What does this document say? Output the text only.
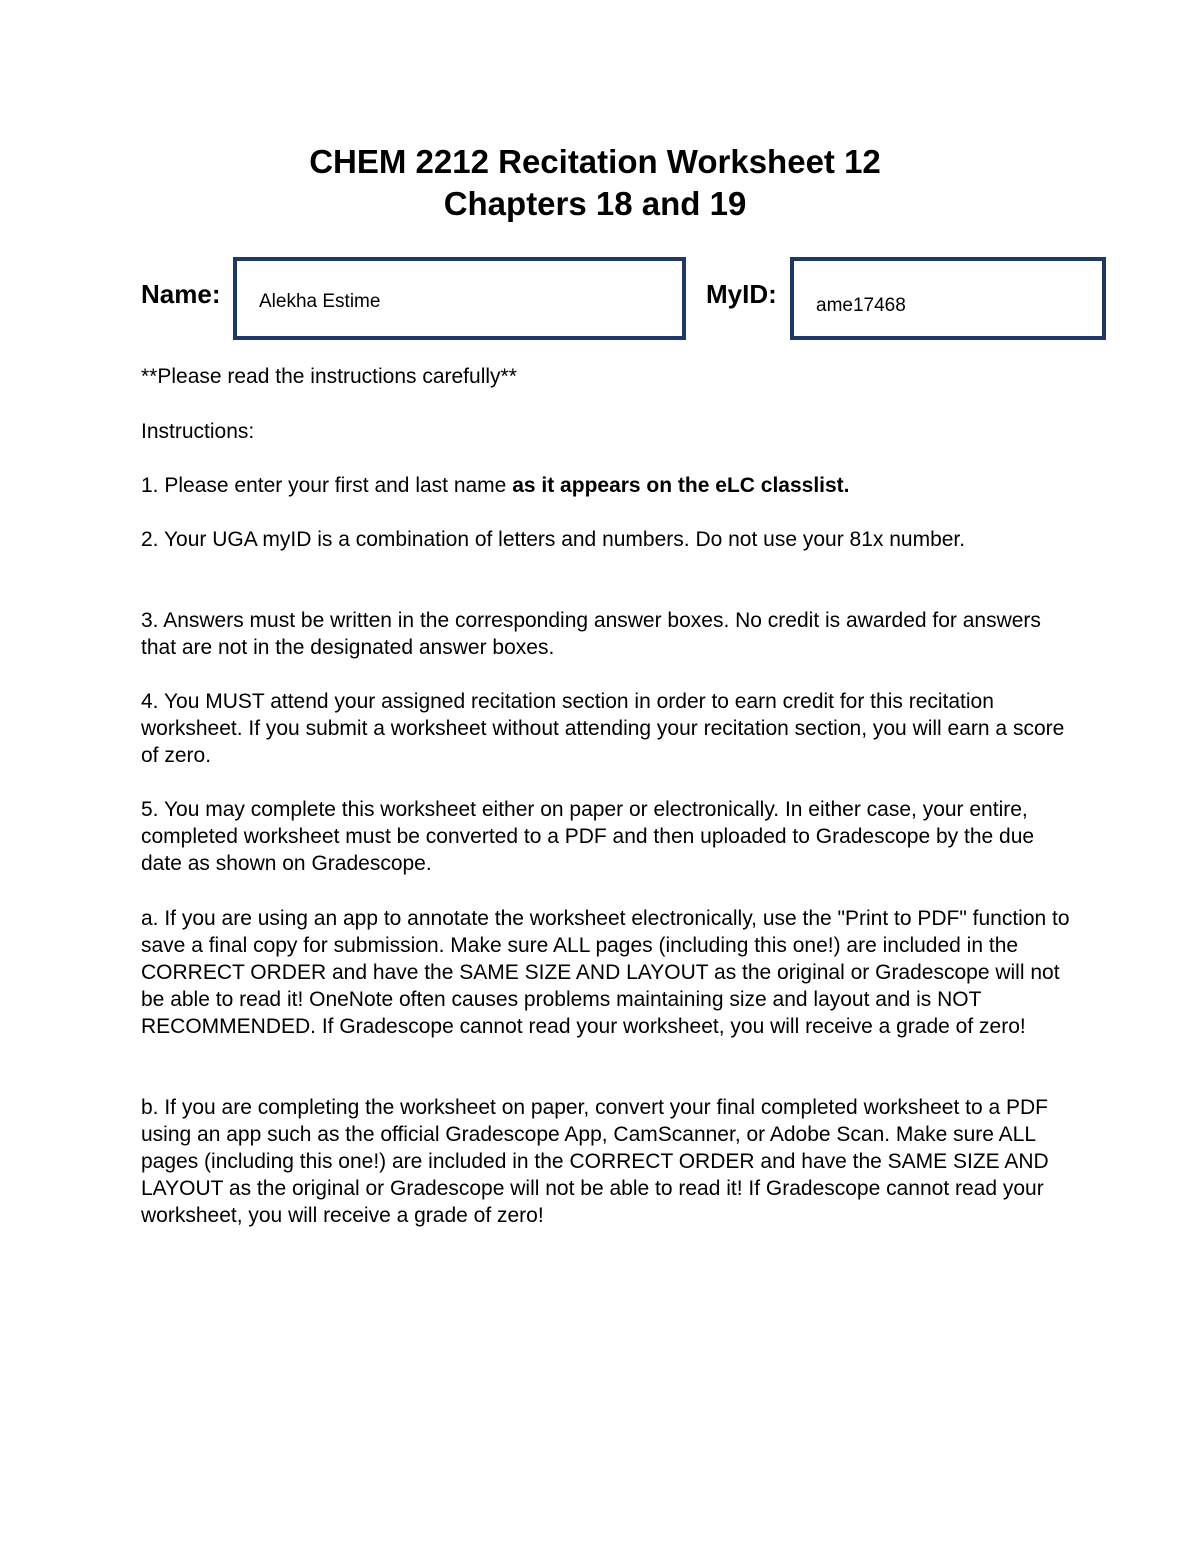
CHEM 2212 Recitation Worksheet 12
Chapters 18 and 19
Name:	Alekha Estime	MyID:	ame17468

**Please read the instructions carefully**

Instructions:

1. Please enter your first and last name as it appears on the eLC classlist.

2. Your UGA myID is a combination of letters and numbers. Do not use your 81x number.

3. Answers must be written in the corresponding answer boxes. No credit is awarded for answers that are not in the designated answer boxes.

4. You MUST attend your assigned recitation section in order to earn credit for this recitation worksheet. If you submit a worksheet without attending your recitation section, you will earn a score of zero.

5. You may complete this worksheet either on paper or electronically. In either case, your entire, completed worksheet must be converted to a PDF and then uploaded to Gradescope by the due date as shown on Gradescope.

a. If you are using an app to annotate the worksheet electronically, use the "Print to PDF" function to save a final copy for submission. Make sure ALL pages (including this one!) are included in the CORRECT ORDER and have the SAME SIZE AND LAYOUT as the original or Gradescope will not be able to read it! OneNote often causes problems maintaining size and layout and is NOT RECOMMENDED. If Gradescope cannot read your worksheet, you will receive a grade of zero!

b. If you are completing the worksheet on paper, convert your final completed worksheet to a PDF using an app such as the official Gradescope App, CamScanner, or Adobe Scan. Make sure ALL pages (including this one!) are included in the CORRECT ORDER and have the SAME SIZE AND LAYOUT as the original or Gradescope will not be able to read it! If Gradescope cannot read your worksheet, you will receive a grade of zero!
